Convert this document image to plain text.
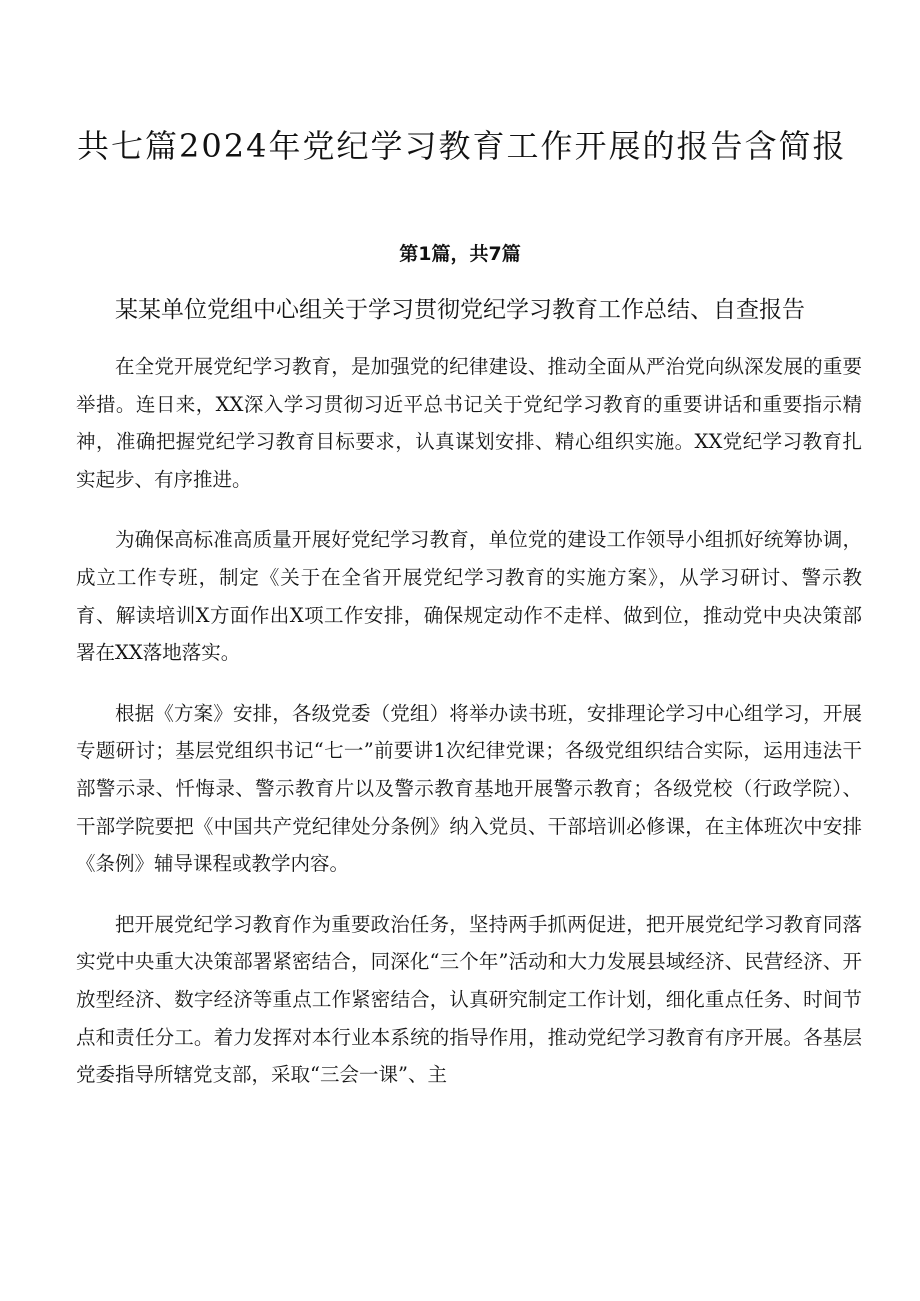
共七篇2024年党纪学习教育工作开展的报告含简报
第1篇，共7篇
某某单位党组中心组关于学习贯彻党纪学习教育工作总结、自查报告

在全党开展党纪学习教育，是加强党的纪律建设、推动全面从严治党向纵深发展的重要举措。连日来，XX深入学习贯彻习近平总书记关于党纪学习教育的重要讲话和重要指示精神，准确把握党纪学习教育目标要求，认真谋划安排、精心组织实施。XX党纪学习教育扎实起步、有序推进。

为确保高标准高质量开展好党纪学习教育，单位党的建设工作领导小组抓好统筹协调，成立工作专班，制定《关于在全省开展党纪学习教育的实施方案》，从学习研讨、警示教育、解读培训X方面作出X项工作安排，确保规定动作不走样、做到位，推动党中央决策部署在XX落地落实。

根据《方案》安排，各级党委（党组）将举办读书班，安排理论学习中心组学习，开展专题研讨；基层党组织书记“七一”前要讲1次纪律党课；各级党组织结合实际，运用违法干部警示录、忏悔录、警示教育片以及警示教育基地开展警示教育；各级党校（行政学院）、干部学院要把《中国共产党纪律处分条例》纳入党员、干部培训必修课，在主体班次中安排《条例》辅导课程或教学内容。

把开展党纪学习教育作为重要政治任务，坚持两手抓两促进，把开展党纪学习教育同落实党中央重大决策部署紧密结合，同深化“三个年”活动和大力发展县域经济、民营经济、开放型经济、数字经济等重点工作紧密结合，认真研究制定工作计划，细化重点任务、时间节点和责任分工。着力发挥对本行业本系统的指导作用，推动党纪学习教育有序开展。各基层党委指导所辖党支部，采取“三会一课”、主
